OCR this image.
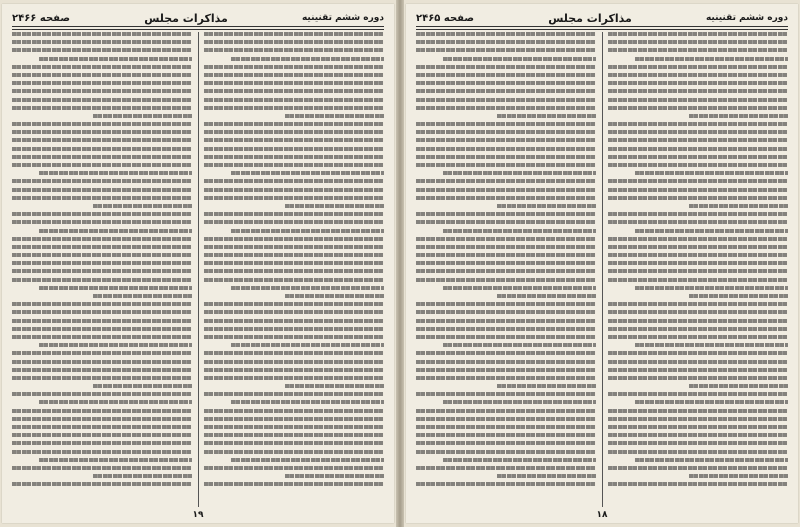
دوره ششم تقنینیه
مذاکرات مجلس
صفحه ۲۴۶۶
۱۹
دوره ششم تقنینیه
مذاکرات مجلس
صفحه ۲۴۶۵
۱۸
